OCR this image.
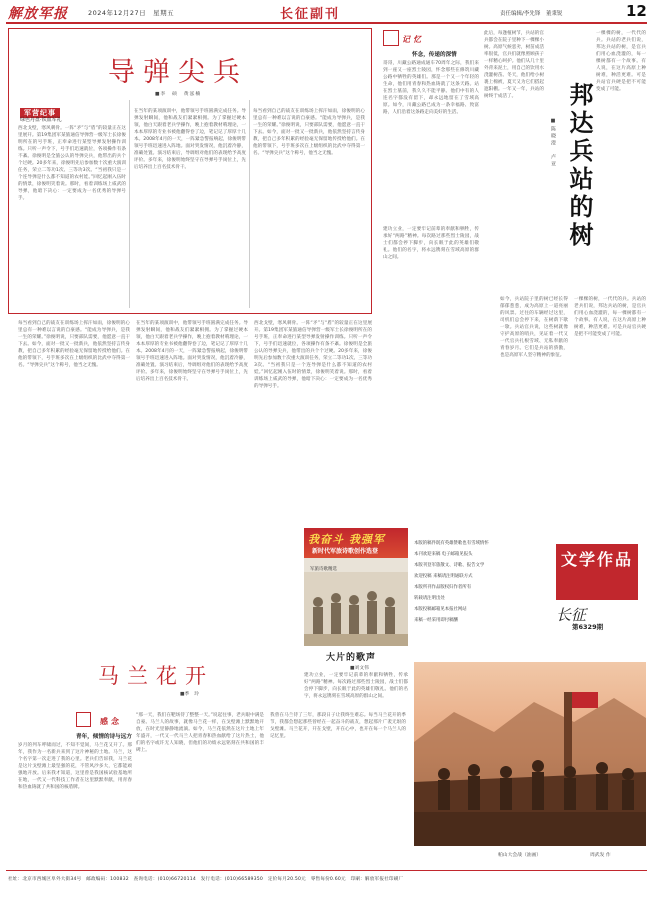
解放军报	2024年12月27日　星期五	长征副刊	责任编辑/李先锋　董秉锐	12
导弹尖兵
■李　硕　黄泓楠
军营纪事
绿色丹盘·铁血军礼
西北戈壁，寒风刺骨。一阵“矛”与“盾”的较量正在这里展开。第19集团军某旅通信导弹营一级军士长徐俊明所在的号手班，正奉命进行某型导弹发射操作训练。只听一声令下，号手们迅速就位，各项操作有条不紊。徐俊明是全旅公认的导弹尖兵，他带出的兵个个过硬。20多年来，徐俊明先后参加数十次重大演训任务，荣立二等功1次、三等功3次。“当初我只是一个连导弹是什么都不知道的农村娃。”回忆起刚入伍时的情景，徐俊明笑着说。那时，看着训练场上威武的导弹，他暗下决心：一定要成为一名优秀的导弹号手。
在当年的某项演训中，他带领号手班圆满完成任务。导弹发射瞬间，他和战友们紧紧相拥。为了掌握过硬本领，他白天跟着老兵学操作，晚上抱着教材啃理论，一本本厚厚的专业书被他翻得卷了边，笔记记了厚厚十几本。2008年4月的一天，一阵紧急警报响起，徐俊明带领号手班迅速进入阵地。面对突发情况，他沉着冷静，准确处置。演习结束后，导调组对他们的表现给予高度评价。多年来，徐俊明始终坚守在导弹号手岗位上，先后培养出上百名技术骨干。
每当看到自己的战友在训练场上挥汗如雨，徐俊明的心里总有一种难以言说的自豪感。“能成为导弹兵，是我一生的荣耀。”徐俊明说，只要部队需要，他愿意一直干下去。如今，面对一批又一批新兵，他依然坚持言传身教，把自己多年积累的经验毫无保留地传授给他们。在他的带领下，号手班多次在上级组织的比武中夺得第一名。“导弹尖兵”这个称号，他当之无愧。
每当看到自己的战友在训练场上挥汗如雨，徐俊明的心里总有一种难以言说的自豪感。“能成为导弹兵，是我一生的荣耀。”徐俊明说，只要部队需要，他愿意一直干下去。如今，面对一批又一批新兵，他依然坚持言传身教，把自己多年积累的经验毫无保留地传授给他们。在他的带领下，号手班多次在上级组织的比武中夺得第一名。“导弹尖兵”这个称号，他当之无愧。
在当年的某项演训中，他带领号手班圆满完成任务。导弹发射瞬间，他和战友们紧紧相拥。为了掌握过硬本领，他白天跟着老兵学操作，晚上抱着教材啃理论，一本本厚厚的专业书被他翻得卷了边，笔记记了厚厚十几本。2008年4月的一天，一阵紧急警报响起，徐俊明带领号手班迅速进入阵地。面对突发情况，他沉着冷静，准确处置。演习结束后，导调组对他们的表现给予高度评价。多年来，徐俊明始终坚守在导弹号手岗位上，先后培养出上百名技术骨干。
西北戈壁，寒风刺骨。一阵“矛”与“盾”的较量正在这里展开。第19集团军某旅通信导弹营一级军士长徐俊明所在的号手班，正奉命进行某型导弹发射操作训练。只听一声令下，号手们迅速就位，各项操作有条不紊。徐俊明是全旅公认的导弹尖兵，他带出的兵个个过硬。20多年来，徐俊明先后参加数十次重大演训任务，荣立二等功1次、三等功3次。“当初我只是一个连导弹是什么都不知道的农村娃。”回忆起刚入伍时的情景，徐俊明笑着说。那时，看着训练场上威武的导弹，他暗下决心：一定要成为一名优秀的导弹号手。
记忆
怀念，传递的深情
哥哥，川藏公路通成通车70周年之际，我们来到一座又一座烈士陵园，怀念那些在修筑川藏公路中牺牲的英雄们。那是一个又一个年轻的生命，他们用青春和热血铸就了这条天路。站在烈士墓前，我久久不能平静。他们中有的人连名字都没有留下，却永远地留在了雪域高原。如今，川藏公路已成为一条幸福路、致富路，人们沿着这条路走向美好的生活。
建功立业，一定要牢记前辈的奉献和牺牲，传承好“两路”精神。每次路过那些烈士陵园，战士们都会停下脚步，向长眠于此的英雄们敬礼。他们的名字，将永远镌刻在雪域高原的群山之间。
邦达兵站的树
■陈晓澄　卢亚
此后，每逢植树节，兵站的官兵都会在院子里种下一棵棵小树。高原气候恶劣，树苗成活率很低，官兵们就像照顾孩子一样精心呵护。他们从几十里外背来泥土，用自己的饮用水浇灌树苗。冬天，他们给小树裹上棉被，夏天又为它们搭起遮阳棚。一年又一年，兵站的树终于成活了。
如今，兵站院子里的树已经长得郁郁葱葱，成为高原上一道亮丽的风景。过往的车辆经过这里，司机们总会停下来，在树荫下歇一歇。兵站官兵说，这些树就像守护高原的哨兵，见证着一代又一代官兵扎根雪域、无私奉献的青春岁月。它们是兵站的骄傲，也是高原军人坚守精神的象征。
一棵棵的树，一代代的兵。兵站的老兵们说，邦达兵站的树，是官兵们用心血浇灌的，每一棵树都有一个故事。有人说，在这片高原上种树难，种活更难。可是兵站官兵硬是把不可能变成了可能。
一棵棵的树，一代代的兵。兵站的老兵们说，邦达兵站的树，是官兵们用心血浇灌的，每一棵树都有一个故事。有人说，在这片高原上种树难，种活更难。可是兵站官兵硬是把不可能变成了可能。
我奋斗 我强军
新时代军旅诗歌创作选登
军旅诗歌精选
大片的歌声
■刘文伟
建功立业，一定要牢记前辈的奉献和牺牲，传承好“两路”精神。每次路过那些烈士陵园，战士们都会停下脚步，向长眠于此的英雄们敬礼。他们的名字，将永远镌刻在雪域高原的群山之间。
本版的稿件既有英雄赞歌也有雪域情怀
本刊欢迎来稿 电子邮箱见报头
本版刊登军旅散文、诗歌、报告文学
欢迎投稿 来稿请注明通联方式
本版所刊作品版权归作者所有
转载请注明出处
本版投稿邮箱见本报社网站
来稿一经采用即付稿酬
文学作品
长征
第6329期
马兰花开
■季　玲
感念
青年，倾情的诗与远方
岁月的列车呼啸而过，不知不觉间，马兰花又开了。那年，我作为一名新兵来到了这片神秘的土地。马兰，这个名字第一次走进了我的心里。老兵们告诉我，马兰花是这片戈壁滩上最坚强的花，不管风沙多大，它都能顽强地开放。后来我才知道，这里曾是我国核试验基地所在地，一代又一代科技工作者在这里默默奉献，用青春和热血铸就了共和国的核盾牌。
“那一天，我们在靶场待了整整一天。”说起往事，老兵眼中满是自豪。马兰人的故事，就像马兰花一样，在戈壁滩上默默地开放，在时光里静静地流淌。如今，马兰花依然在这片土地上年年盛开，一代又一代马兰人把青春和热血献给了这片热土，他们的名字或许无人知晓，但他们的功绩永远铭刻在共和国的丰碑上。
我曾在马兰待了三年，那段日子让我终生难忘。每当马兰花开的季节，我都会想起那些曾经在一起奋斗的战友，想起那片广袤无垠的戈壁滩。马兰花开，开在戈壁，开在心中，也开在每一个马兰人的记忆里。
帕山大会战（油画）	周武发 作
社址：北京市西城区阜外大街34号　邮政编码：100832　查询电话：(010)66720114　发行电话：(010)66589350　定价每月20.50元　零售每份0.60元　印刷：解放军报社印刷厂
